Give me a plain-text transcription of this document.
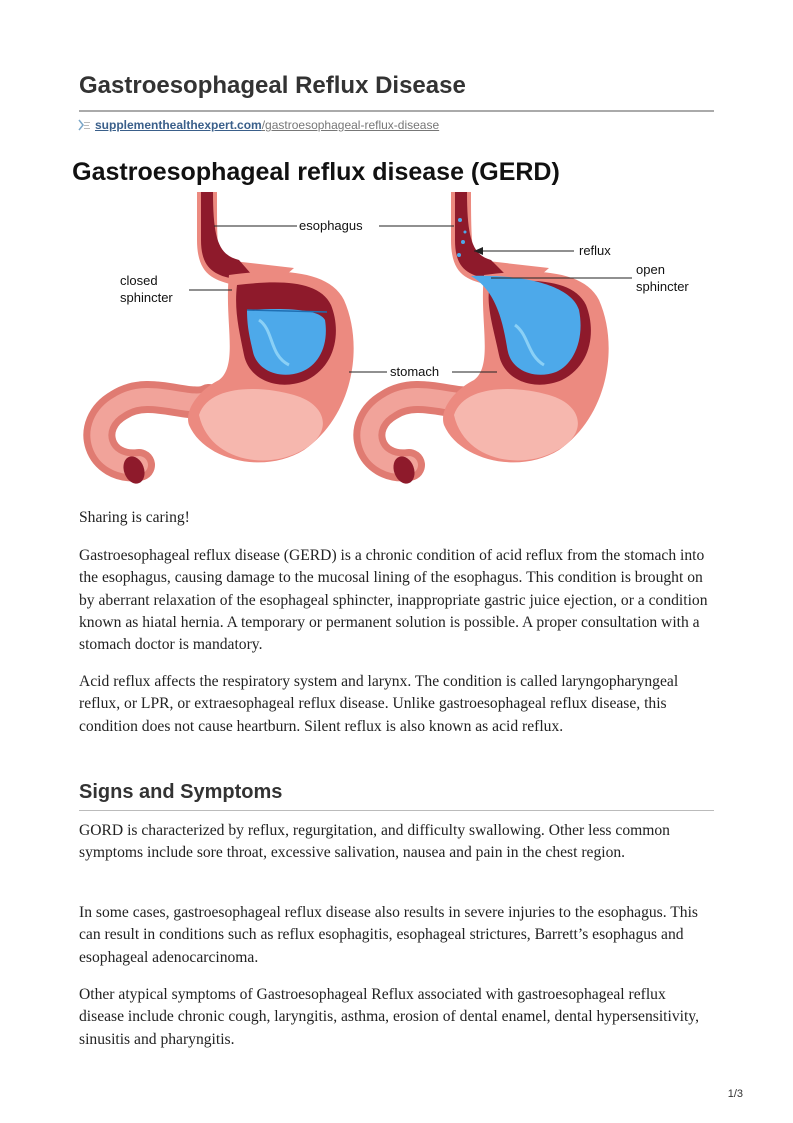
Gastroesophageal Reflux Disease
supplementhealthexpert.com/gastroesophageal-reflux-disease
Gastroesophageal reflux disease (GERD)
esophagus
closed
sphincter
stomach
reflux
open
sphincter

Sharing is caring!

Gastroesophageal reflux disease (GERD) is a chronic condition of acid reflux from the stomach into the esophagus, causing damage to the mucosal lining of the esophagus. This condition is brought on by aberrant relaxation of the esophageal sphincter, inappropriate gastric juice ejection, or a condition known as hiatal hernia. A temporary or permanent solution is possible. A proper consultation with a stomach doctor is mandatory.

Acid reflux affects the respiratory system and larynx. The condition is called laryngopharyngeal reflux, or LPR, or extraesophageal reflux disease. Unlike gastroesophageal reflux disease, this condition does not cause heartburn. Silent reflux is also known as acid reflux.

Signs and Symptoms

GORD is characterized by reflux, regurgitation, and difficulty swallowing. Other less common symptoms include sore throat, excessive salivation, nausea and pain in the chest region.

In some cases, gastroesophageal reflux disease also results in severe injuries to the esophagus. This can result in conditions such as reflux esophagitis, esophageal strictures, Barrett’s esophagus and esophageal adenocarcinoma.

Other atypical symptoms of Gastroesophageal Reflux associated with gastroesophageal reflux disease include chronic cough, laryngitis, asthma, erosion of dental enamel, dental hypersensitivity, sinusitis and pharyngitis.

1/3
